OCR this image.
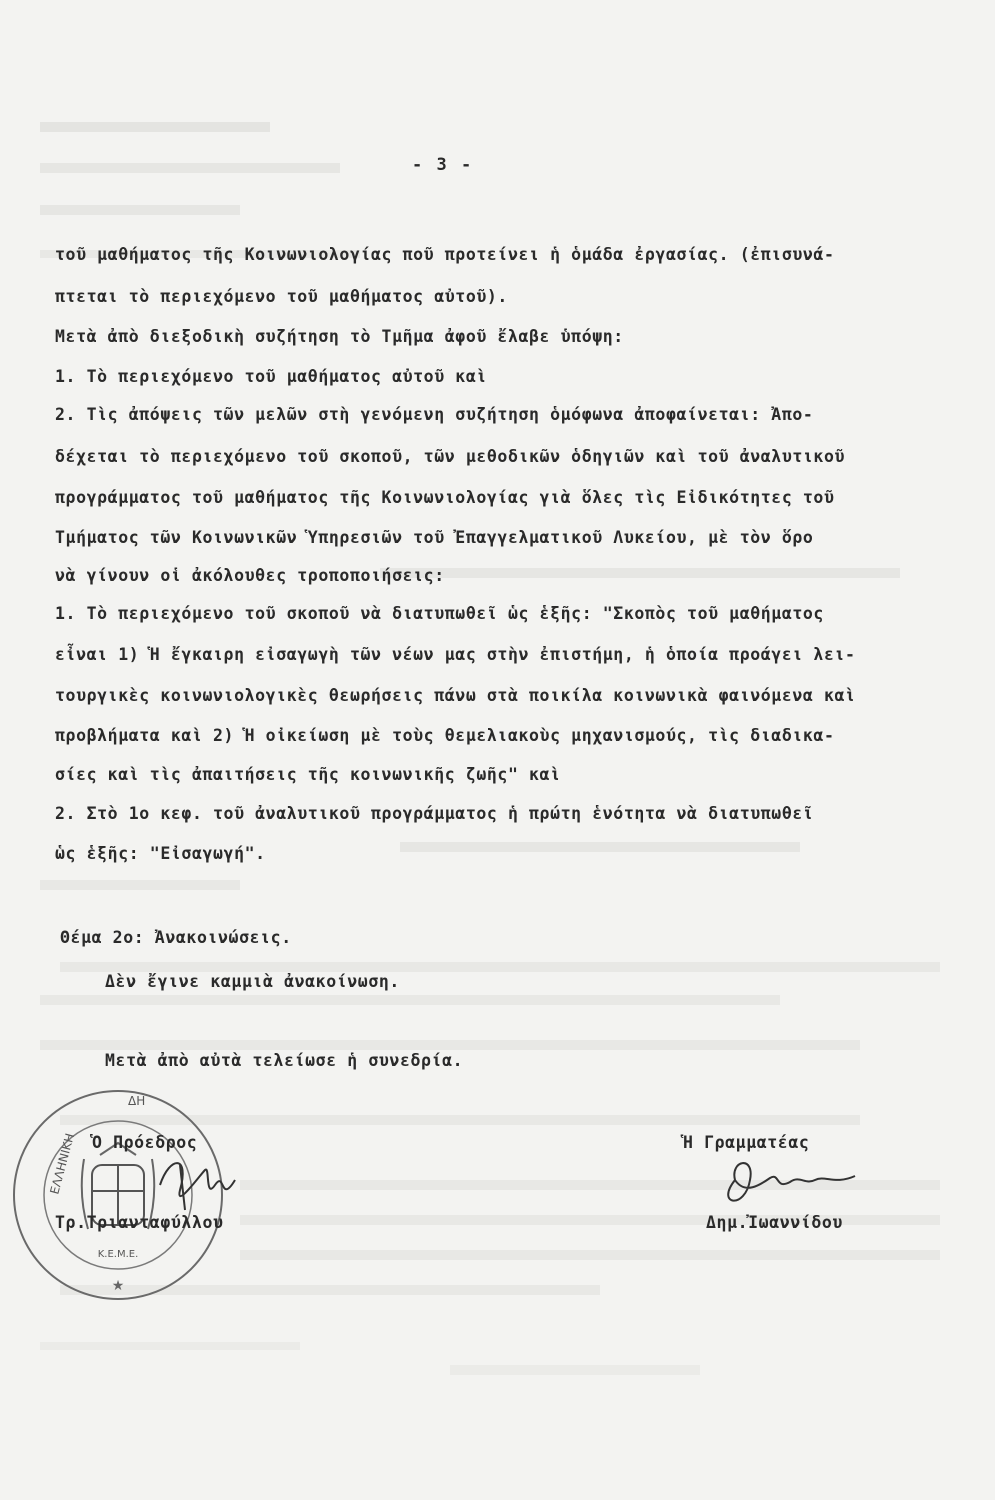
- 3 -
τοῦ μαθήματος τῆς Κοινωνιολογίας ποῦ προτείνει ἡ ὁμάδα ἐργασίας. (ἐπισυνά-
πτεται τὸ περιεχόμενο τοῦ μαθήματος αὐτοῦ).
Μετὰ ἀπὸ διεξοδικὴ συζήτηση τὸ Τμῆμα ἀφοῦ ἔλαβε ὑπόψη:
1. Τὸ περιεχόμενο τοῦ μαθήματος αὐτοῦ καὶ
2. Τὶς ἀπόψεις τῶν μελῶν στὴ γενόμενη συζήτηση ὁμόφωνα ἀποφαίνεται: Ἀπο-
δέχεται τὸ περιεχόμενο τοῦ σκοποῦ, τῶν μεθοδικῶν ὁδηγιῶν καὶ τοῦ ἀναλυτικοῦ
προγράμματος τοῦ μαθήματος τῆς Κοινωνιολογίας γιὰ ὅλες τὶς Εἰδικότητες τοῦ
Τμήματος τῶν Κοινωνικῶν Ὑπηρεσιῶν τοῦ Ἐπαγγελματικοῦ Λυκείου, μὲ τὸν ὅρο
νὰ γίνουν οἱ ἀκόλουθες τροποποιήσεις:
1. Τὸ περιεχόμενο τοῦ σκοποῦ νὰ διατυπωθεῖ ὡς ἑξῆς: "Σκοπὸς τοῦ μαθήματος
εἶναι 1) Ἡ ἔγκαιρη εἰσαγωγὴ τῶν νέων μας στὴν ἐπιστήμη, ἡ ὁποία προάγει λει-
τουργικὲς κοινωνιολογικὲς θεωρήσεις πάνω στὰ ποικίλα κοινωνικὰ φαινόμενα καὶ
προβλήματα καὶ 2) Ἡ οἰκείωση μὲ τοὺς θεμελιακοὺς μηχανισμούς, τὶς διαδικα-
σίες καὶ τὶς ἀπαιτήσεις τῆς κοινωνικῆς ζωῆς" καὶ
2. Στὸ 1ο κεφ. τοῦ ἀναλυτικοῦ προγράμματος ἡ πρώτη ἑνότητα νὰ διατυπωθεῖ
ὡς ἑξῆς: "Εἰσαγωγή".
Θέμα 2ο: Ἀνακοινώσεις.
Δὲν ἔγινε καμμιὰ ἀνακοίνωση.
Μετὰ ἀπὸ αὐτὰ τελείωσε ἡ συνεδρία.
★
ΕΛΛΗΝΙΚΗ
ΔΗ
Κ.Ε.Μ.Ε.
Ὁ Πρόεδρος
Τρ.Τριανταφύλλου
Ἡ Γραμματέας
Δημ.Ἰωαννίδου
